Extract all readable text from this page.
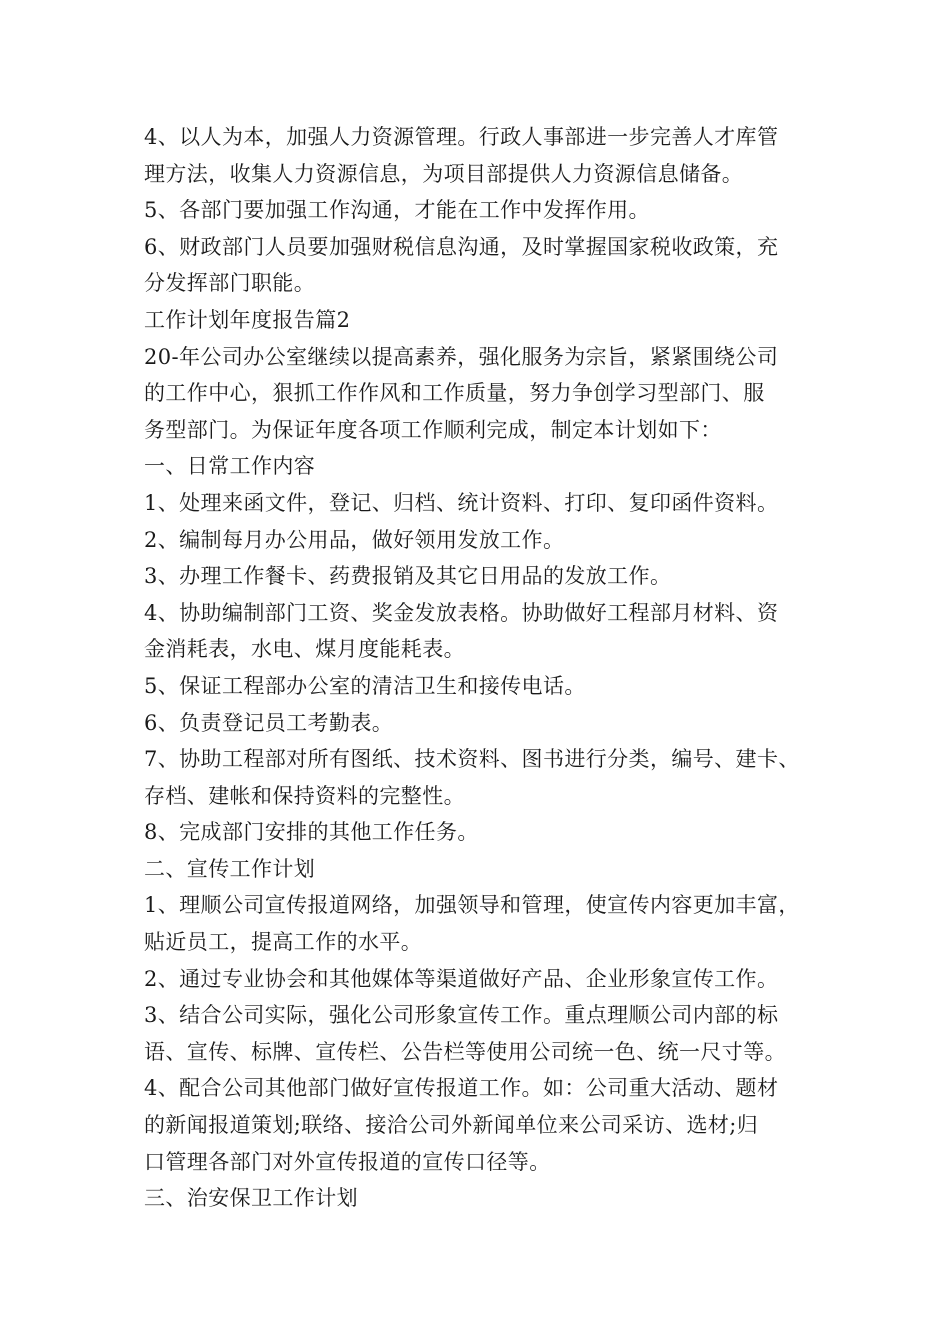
4、以人为本，加强人力资源管理。行政人事部进一步完善人才库管

理方法，收集人力资源信息，为项目部提供人力资源信息储备。

5、各部门要加强工作沟通，才能在工作中发挥作用。

6、财政部门人员要加强财税信息沟通，及时掌握国家税收政策，充

分发挥部门职能。

工作计划年度报告篇2

20-年公司办公室继续以提高素养，强化服务为宗旨，紧紧围绕公司

的工作中心，狠抓工作作风和工作质量，努力争创学习型部门、服

务型部门。为保证年度各项工作顺利完成，制定本计划如下：

一、日常工作内容

1、处理来函文件，登记、归档、统计资料、打印、复印函件资料。

2、编制每月办公用品，做好领用发放工作。

3、办理工作餐卡、药费报销及其它日用品的发放工作。

4、协助编制部门工资、奖金发放表格。协助做好工程部月材料、资

金消耗表，水电、煤月度能耗表。

5、保证工程部办公室的清洁卫生和接传电话。

6、负责登记员工考勤表。

7、协助工程部对所有图纸、技术资料、图书进行分类，编号、建卡、

存档、建帐和保持资料的完整性。

8、完成部门安排的其他工作任务。

二、宣传工作计划

1、理顺公司宣传报道网络，加强领导和管理，使宣传内容更加丰富，

贴近员工，提高工作的水平。

2、通过专业协会和其他媒体等渠道做好产品、企业形象宣传工作。

3、结合公司实际，强化公司形象宣传工作。重点理顺公司内部的标

语、宣传、标牌、宣传栏、公告栏等使用公司统一色、统一尺寸等。

4、配合公司其他部门做好宣传报道工作。如：公司重大活动、题材

的新闻报道策划;联络、接洽公司外新闻单位来公司采访、选材;归

口管理各部门对外宣传报道的宣传口径等。

三、治安保卫工作计划
